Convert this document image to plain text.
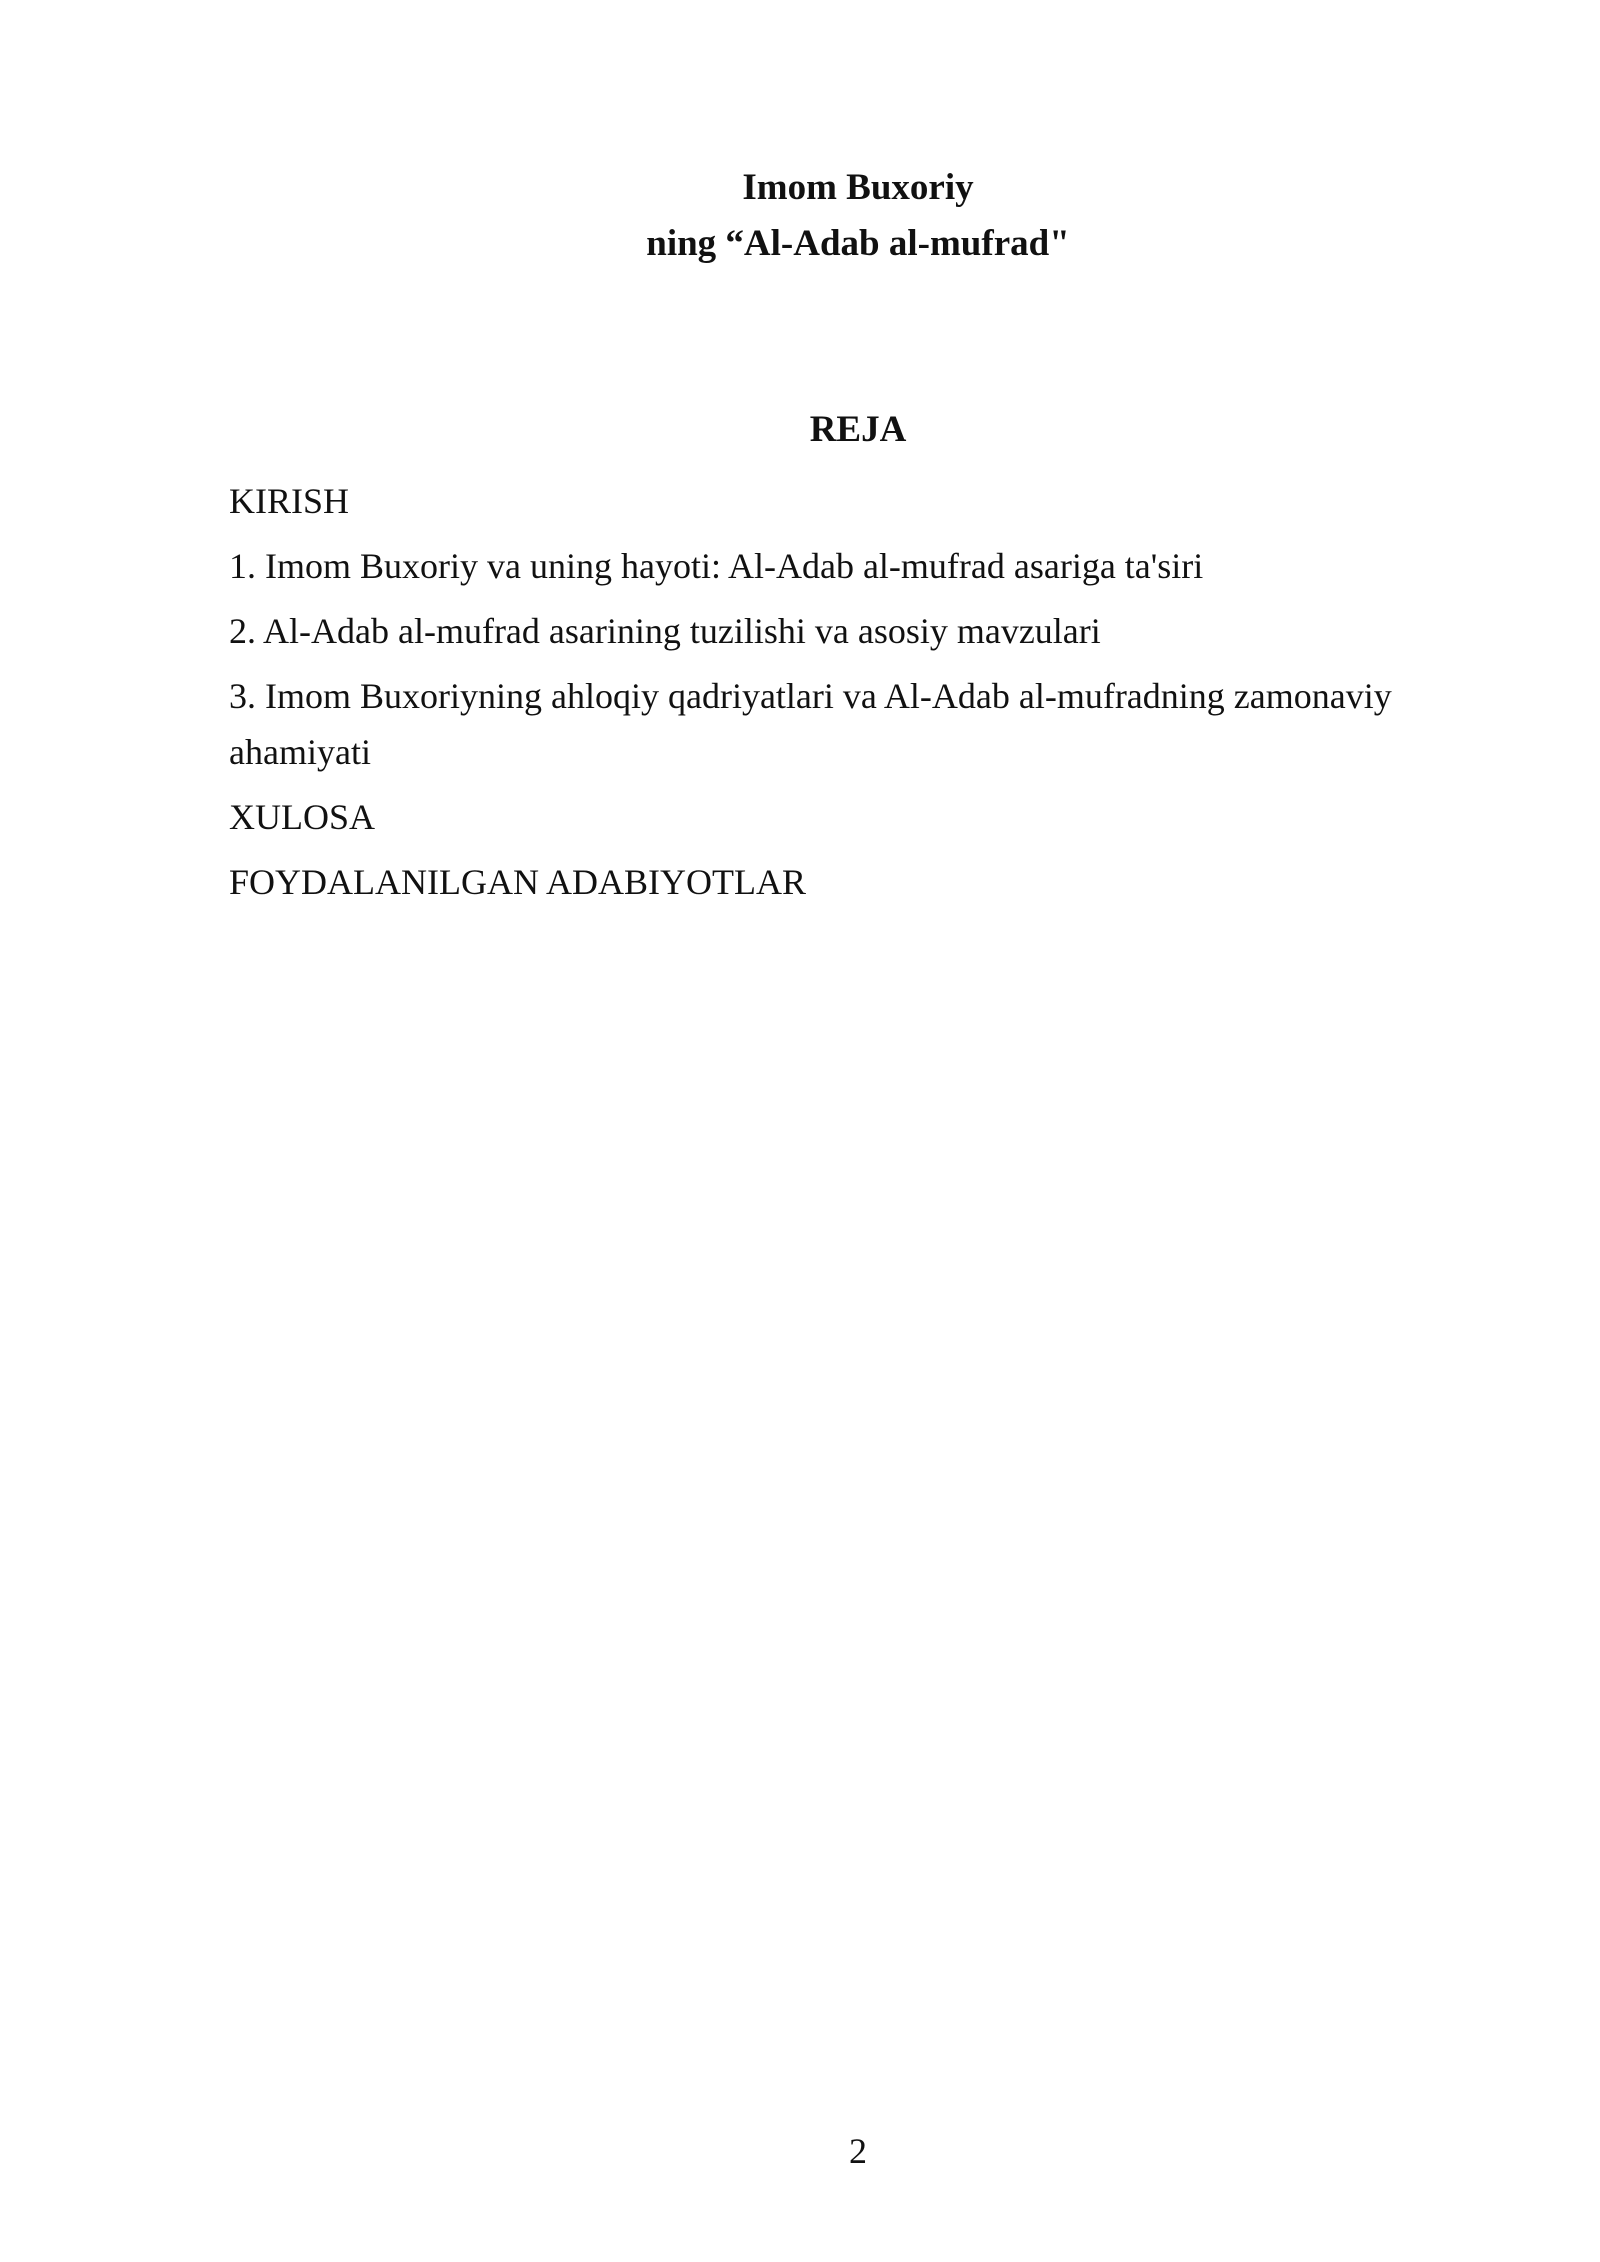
Imom Buxoriy

ning “Al-Adab al-mufrad"

REJA
KIRISH
1. Imom Buxoriy va uning hayoti: Al-Adab al-mufrad asariga ta'siri
2. Al-Adab al-mufrad asarining tuzilishi va asosiy mavzulari
3. Imom Buxoriyning ahloqiy qadriyatlari va Al-Adab al-mufradning zamonaviy ahamiyati
XULOSA
FOYDALANILGAN ADABIYOTLAR
2
